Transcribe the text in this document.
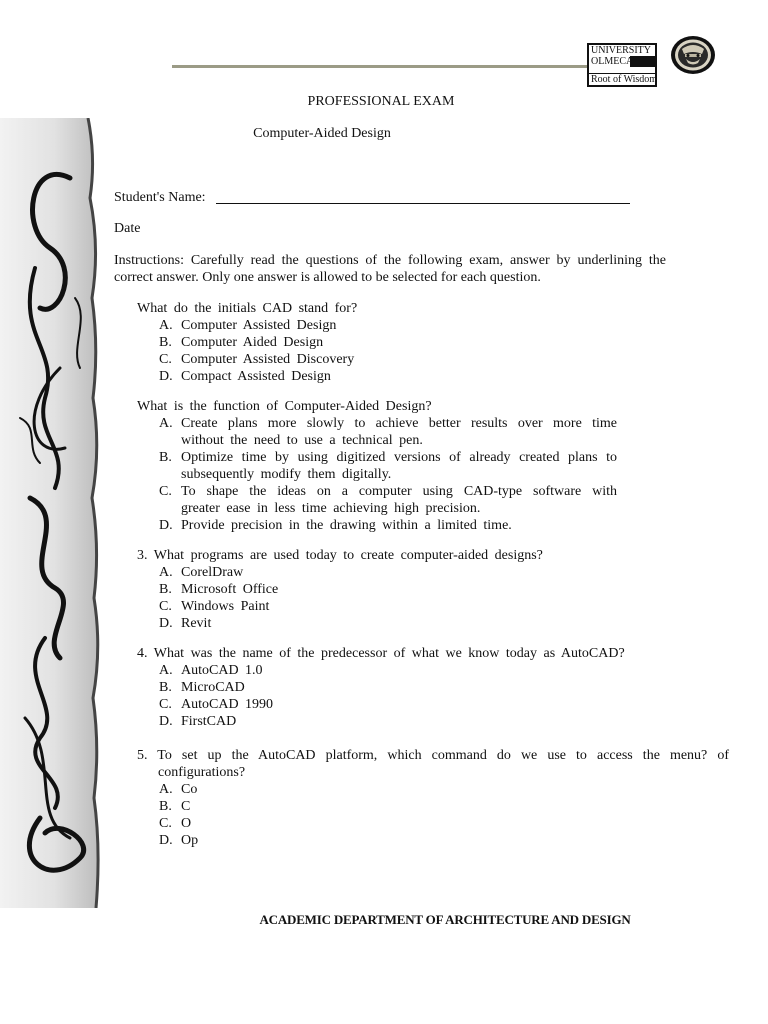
UNIVERSITY
OLMECA
Root of Wisdom
PROFESSIONAL EXAM
Computer-Aided Design
Student's Name:
Date
Instructions: Carefully read the questions of the following exam, answer by underlining the correct answer. Only one answer is allowed to be selected for each question.
What do the initials CAD stand for?
A. Computer Assisted Design
B. Computer Aided Design
C. Computer Assisted Discovery
D. Compact Assisted Design
What is the function of Computer-Aided Design?
A. Create plans more slowly to achieve better results over more time without the need to use a technical pen.
B. Optimize time by using digitized versions of already created plans to subsequently modify them digitally.
C. To shape the ideas on a computer using CAD-type software with greater ease in less time achieving high precision.
D. Provide precision in the drawing within a limited time.
3. What programs are used today to create computer-aided designs?
A. CorelDraw
B. Microsoft Office
C. Windows Paint
D. Revit
4. What was the name of the predecessor of what we know today as AutoCAD?
A. AutoCAD 1.0
B. MicroCAD
C. AutoCAD 1990
D. FirstCAD
5. To set up the AutoCAD platform, which command do we use to access the menu? of configurations?
A. Co
B. C
C. O
D. Op
ACADEMIC DEPARTMENT OF ARCHITECTURE AND DESIGN
